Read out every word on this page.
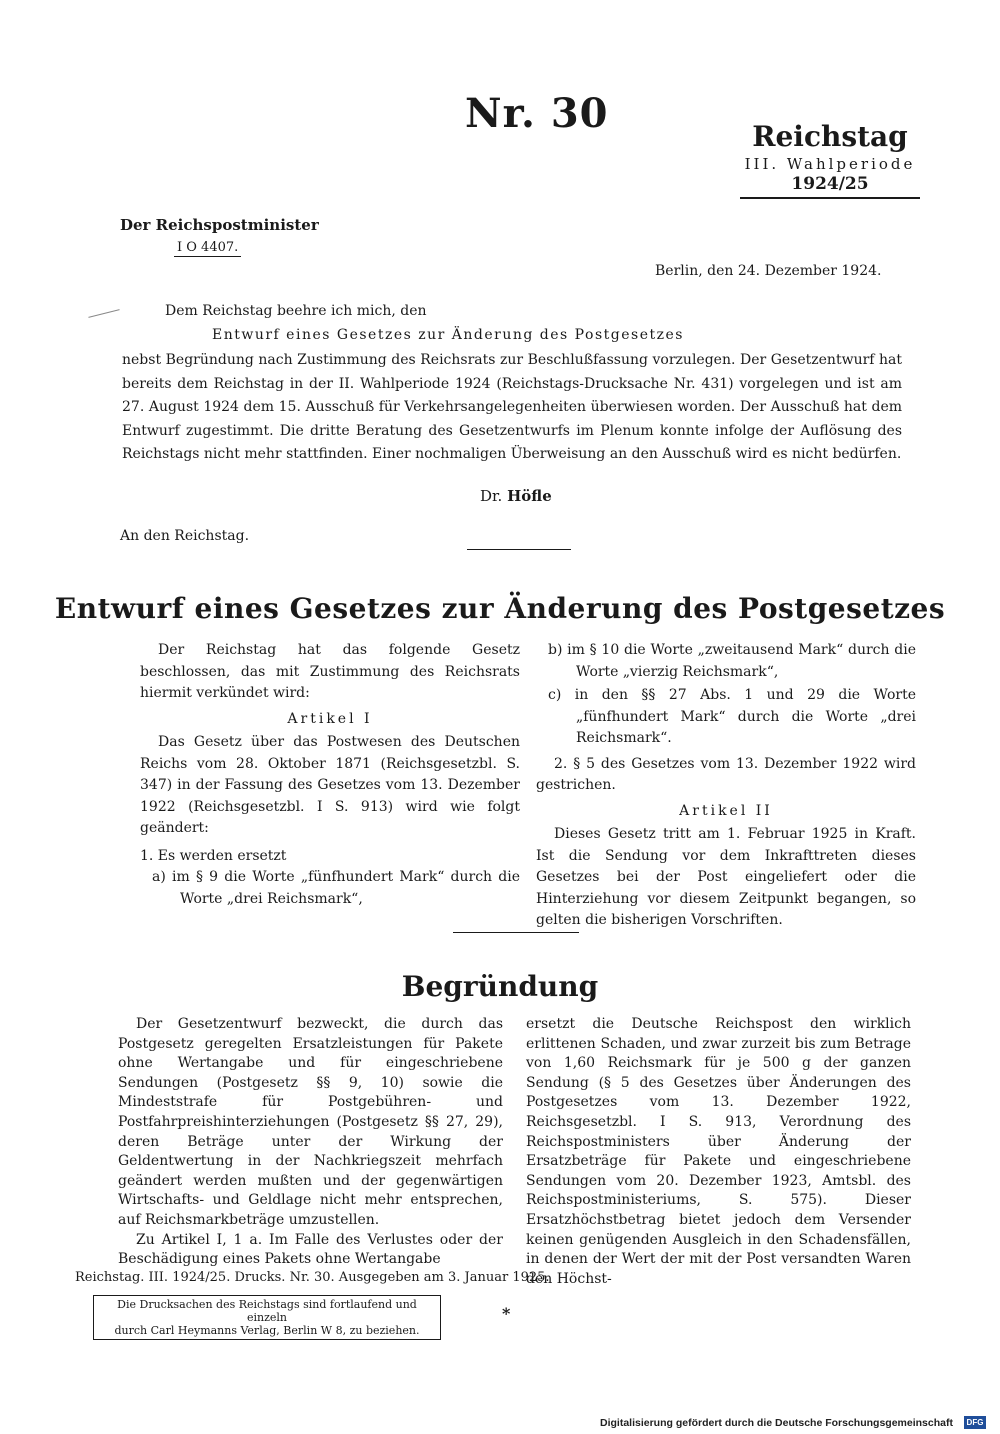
Nr. 30	Reichstag
III. Wahlperiode
1924/25
Der Reichspostminister
I O 4407.
Berlin, den 24. Dezember 1924.
Dem Reichstag beehre ich mich, den
Entwurf eines Gesetzes zur Änderung des Postgesetzes

nebst Begründung nach Zustimmung des Reichsrats zur Beschlußfassung vorzulegen. Der Gesetzentwurf hat bereits dem Reichstag in der II. Wahlperiode 1924 (Reichstags-Drucksache Nr. 431) vorgelegen und ist am 27. August 1924 dem 15. Ausschuß für Verkehrsangelegenheiten überwiesen worden. Der Ausschuß hat dem Entwurf zugestimmt. Die dritte Beratung des Gesetzentwurfs im Plenum konnte infolge der Auflösung des Reichstags nicht mehr stattfinden. Einer nochmaligen Überweisung an den Ausschuß wird es nicht bedürfen.

Dr. Höfle
An den Reichstag.
Entwurf eines Gesetzes zur Änderung des Postgesetzes

Der Reichstag hat das folgende Gesetz beschlossen, das mit Zustimmung des Reichsrats hiermit verkündet wird:

Artikel I

Das Gesetz über das Postwesen des Deutschen Reichs vom 28. Oktober 1871 (Reichsgesetzbl. S. 347) in der Fassung des Gesetzes vom 13. Dezember 1922 (Reichsgesetzbl. I S. 913) wird wie folgt geändert:

1. Es werden ersetzt

a) im § 9 die Worte „fünfhundert Mark“ durch die Worte „drei Reichsmark“,

b) im § 10 die Worte „zweitausend Mark“ durch die Worte „vierzig Reichsmark“,

c) in den §§ 27 Abs. 1 und 29 die Worte „fünfhundert Mark“ durch die Worte „drei Reichsmark“.

2. § 5 des Gesetzes vom 13. Dezember 1922 wird gestrichen.

Artikel II

Dieses Gesetz tritt am 1. Februar 1925 in Kraft. Ist die Sendung vor dem Inkrafttreten dieses Gesetzes bei der Post eingeliefert oder die Hinterziehung vor diesem Zeitpunkt begangen, so gelten die bisherigen Vorschriften.

Begründung

Der Gesetzentwurf bezweckt, die durch das Postgesetz geregelten Ersatzleistungen für Pakete ohne Wertangabe und für eingeschriebene Sendungen (Postgesetz §§ 9, 10) sowie die Mindeststrafe für Postgebühren- und Postfahrpreishinterziehungen (Postgesetz §§ 27, 29), deren Beträge unter der Wirkung der Geldentwertung in der Nachkriegszeit mehrfach geändert werden mußten und der gegenwärtigen Wirtschafts- und Geldlage nicht mehr entsprechen, auf Reichsmarkbeträge umzustellen.

Zu Artikel I, 1 a. Im Falle des Verlustes oder der Beschädigung eines Pakets ohne Wertangabe

ersetzt die Deutsche Reichspost den wirklich erlittenen Schaden, und zwar zurzeit bis zum Betrage von 1,60 Reichsmark für je 500 g der ganzen Sendung (§ 5 des Gesetzes über Änderungen des Postgesetzes vom 13. Dezember 1922, Reichsgesetzbl. I S. 913, Verordnung des Reichspostministers über Änderung der Ersatzbeträge für Pakete und eingeschriebene Sendungen vom 20. Dezember 1923, Amtsbl. des Reichspostministeriums, S. 575). Dieser Ersatzhöchstbetrag bietet jedoch dem Versender keinen genügenden Ausgleich in den Schadensfällen, in denen der Wert der mit der Post versandten Waren den Höchst-

Reichstag. III. 1924/25. Drucks. Nr. 30. Ausgegeben am 3. Januar 1925.
Die Drucksachen des Reichstags sind fortlaufend und einzeln
durch Carl Heymanns Verlag, Berlin W 8, zu beziehen.
*
Digitalisierung gefördert durch die Deutsche Forschungsgemeinschaft	DFG
